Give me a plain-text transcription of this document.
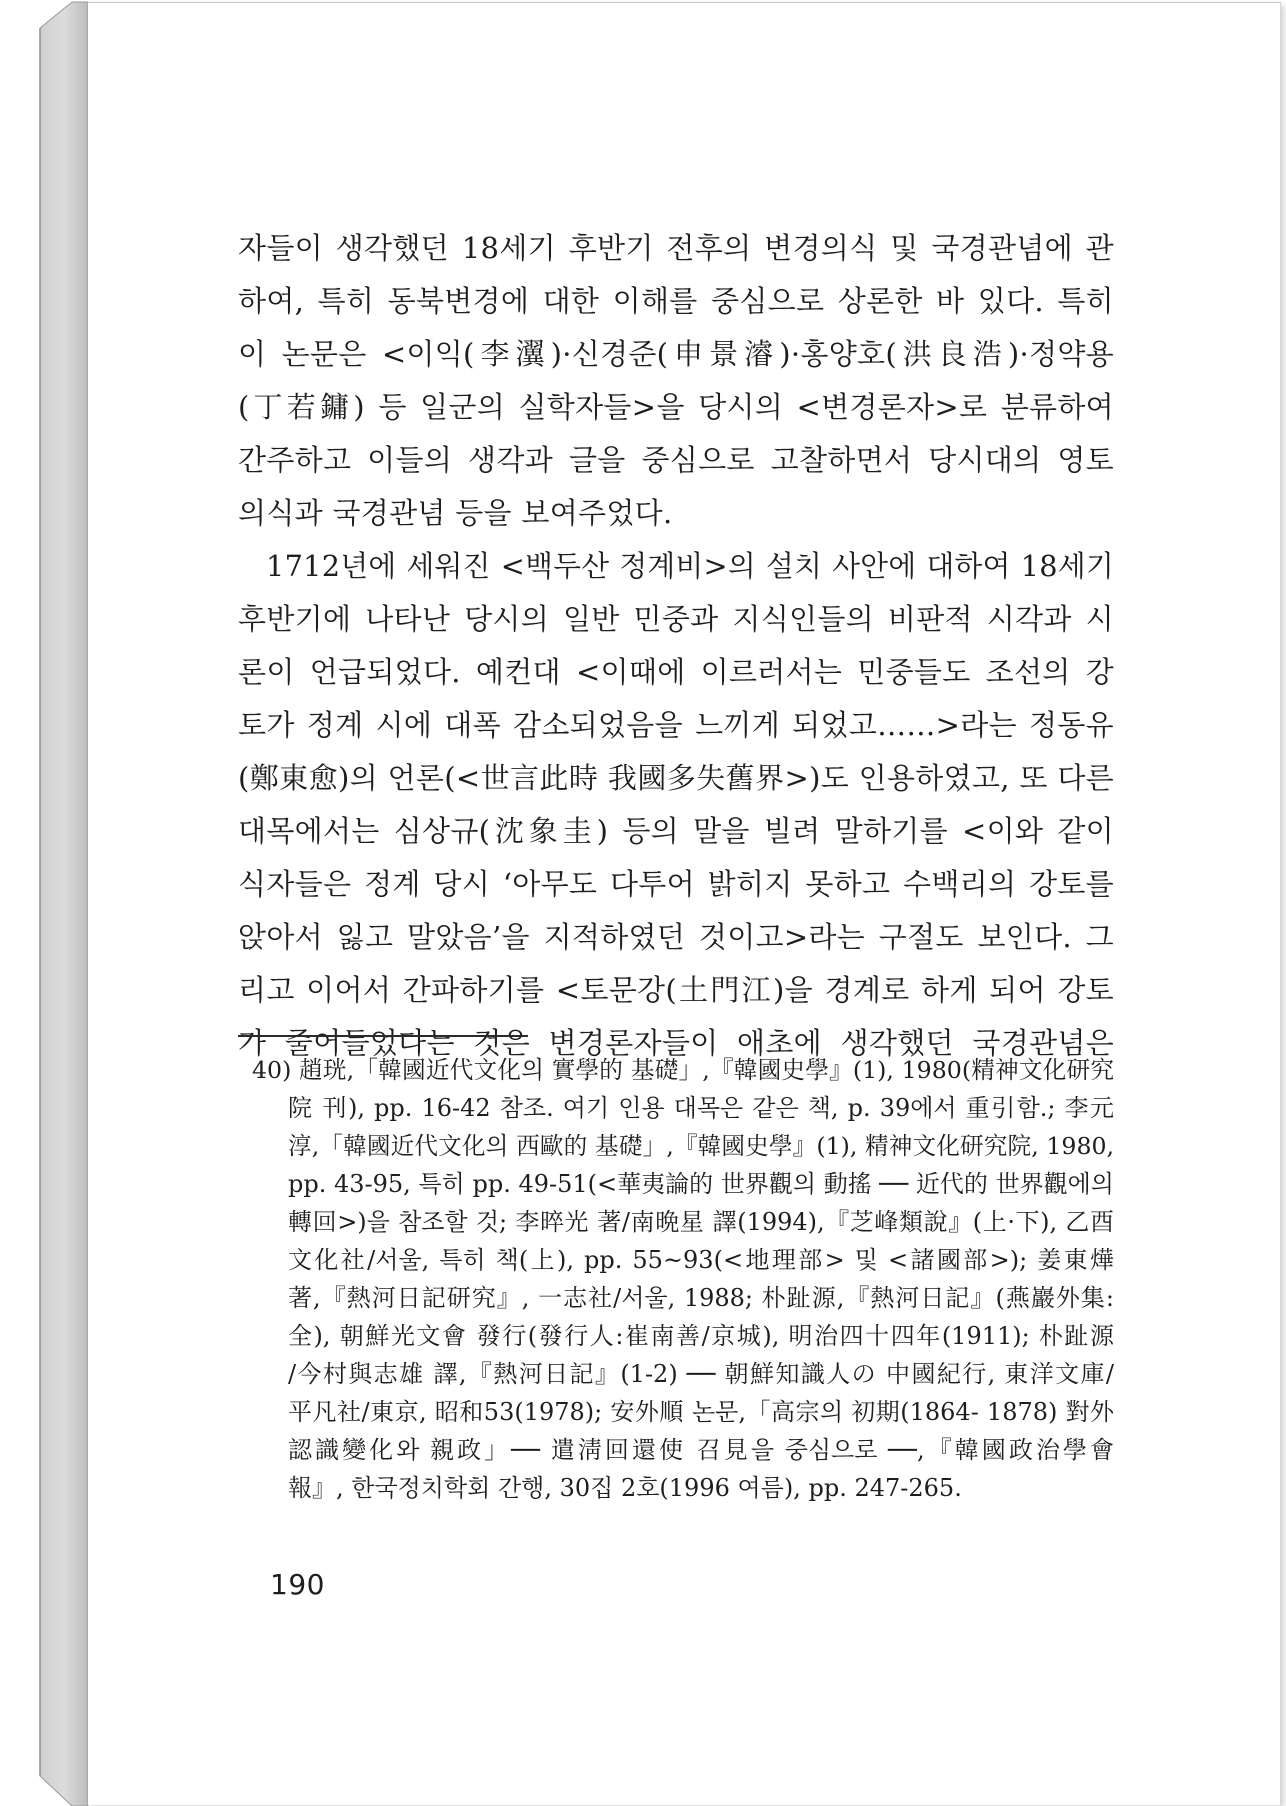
자들이 생각했던 18세기 후반기 전후의 변경의식 및 국경관념에 관
하여, 특히 동북변경에 대한 이해를 중심으로 상론한 바 있다. 특히
이 논문은 <이익(李瀷)·신경준(申景濬)·홍양호(洪良浩)·정약용
(丁若鏞) 등 일군의 실학자들>을 당시의 <변경론자>로 분류하여
간주하고 이들의 생각과 글을 중심으로 고찰하면서 당시대의 영토
의식과 국경관념 등을 보여주었다.
1712년에 세워진 <백두산 정계비>의 설치 사안에 대하여 18세기
후반기에 나타난 당시의 일반 민중과 지식인들의 비판적 시각과 시
론이 언급되었다. 예컨대 <이때에 이르러서는 민중들도 조선의 강
토가 정계 시에 대폭 감소되었음을 느끼게 되었고……>라는 정동유
(鄭東愈)의 언론(<世言此時 我國多失舊界>)도 인용하였고, 또 다른
대목에서는 심상규(沈象圭) 등의 말을 빌려 말하기를 <이와 같이
식자들은 정계 당시 ‘아무도 다투어 밝히지 못하고 수백리의 강토를
앉아서 잃고 말았음’을 지적하였던 것이고>라는 구절도 보인다. 그
리고 이어서 간파하기를 <토문강(土門江)을 경계로 하게 되어 강토
가 줄어들었다는 것은 변경론자들이 애초에 생각했던 국경관념은
40) 趙珖,「韓國近代文化의 實學的 基礎」,『韓國史學』(1), 1980(精神文化研究
院 刊), pp. 16-42 참조. 여기 인용 대목은 같은 책, p. 39에서 重引함.; 李元
淳,「韓國近代文化의 西歐的 基礎」,『韓國史學』(1), 精神文化研究院, 1980,
pp. 43-95, 특히 pp. 49-51(<華夷論的 世界觀의 動搖 ── 近代的 世界觀에의
轉回>)을 참조할 것; 李晬光 著/南晩星 譯(1994),『芝峰類說』(上·下), 乙酉
文化社/서울, 특히 책(上), pp. 55~93(<地理部> 및 <諸國部>); 姜東燁
著,『熱河日記研究』, 一志社/서울, 1988; 朴趾源,『熱河日記』(燕巖外集:
全), 朝鮮光文會 發行(發行人:崔南善/京城), 明治四十四年(1911); 朴趾源
/今村與志雄 譯,『熱河日記』(1-2) ── 朝鮮知識人の 中國紀行, 東洋文庫/
平凡社/東京, 昭和53(1978); 安外順 논문,「高宗의 初期(1864- 1878) 對外
認識變化와 親政」── 遣淸回還使 召見을 중심으로 ──,『韓國政治學會
報』, 한국정치학회 간행, 30집 2호(1996 여름), pp. 247-265.
190
